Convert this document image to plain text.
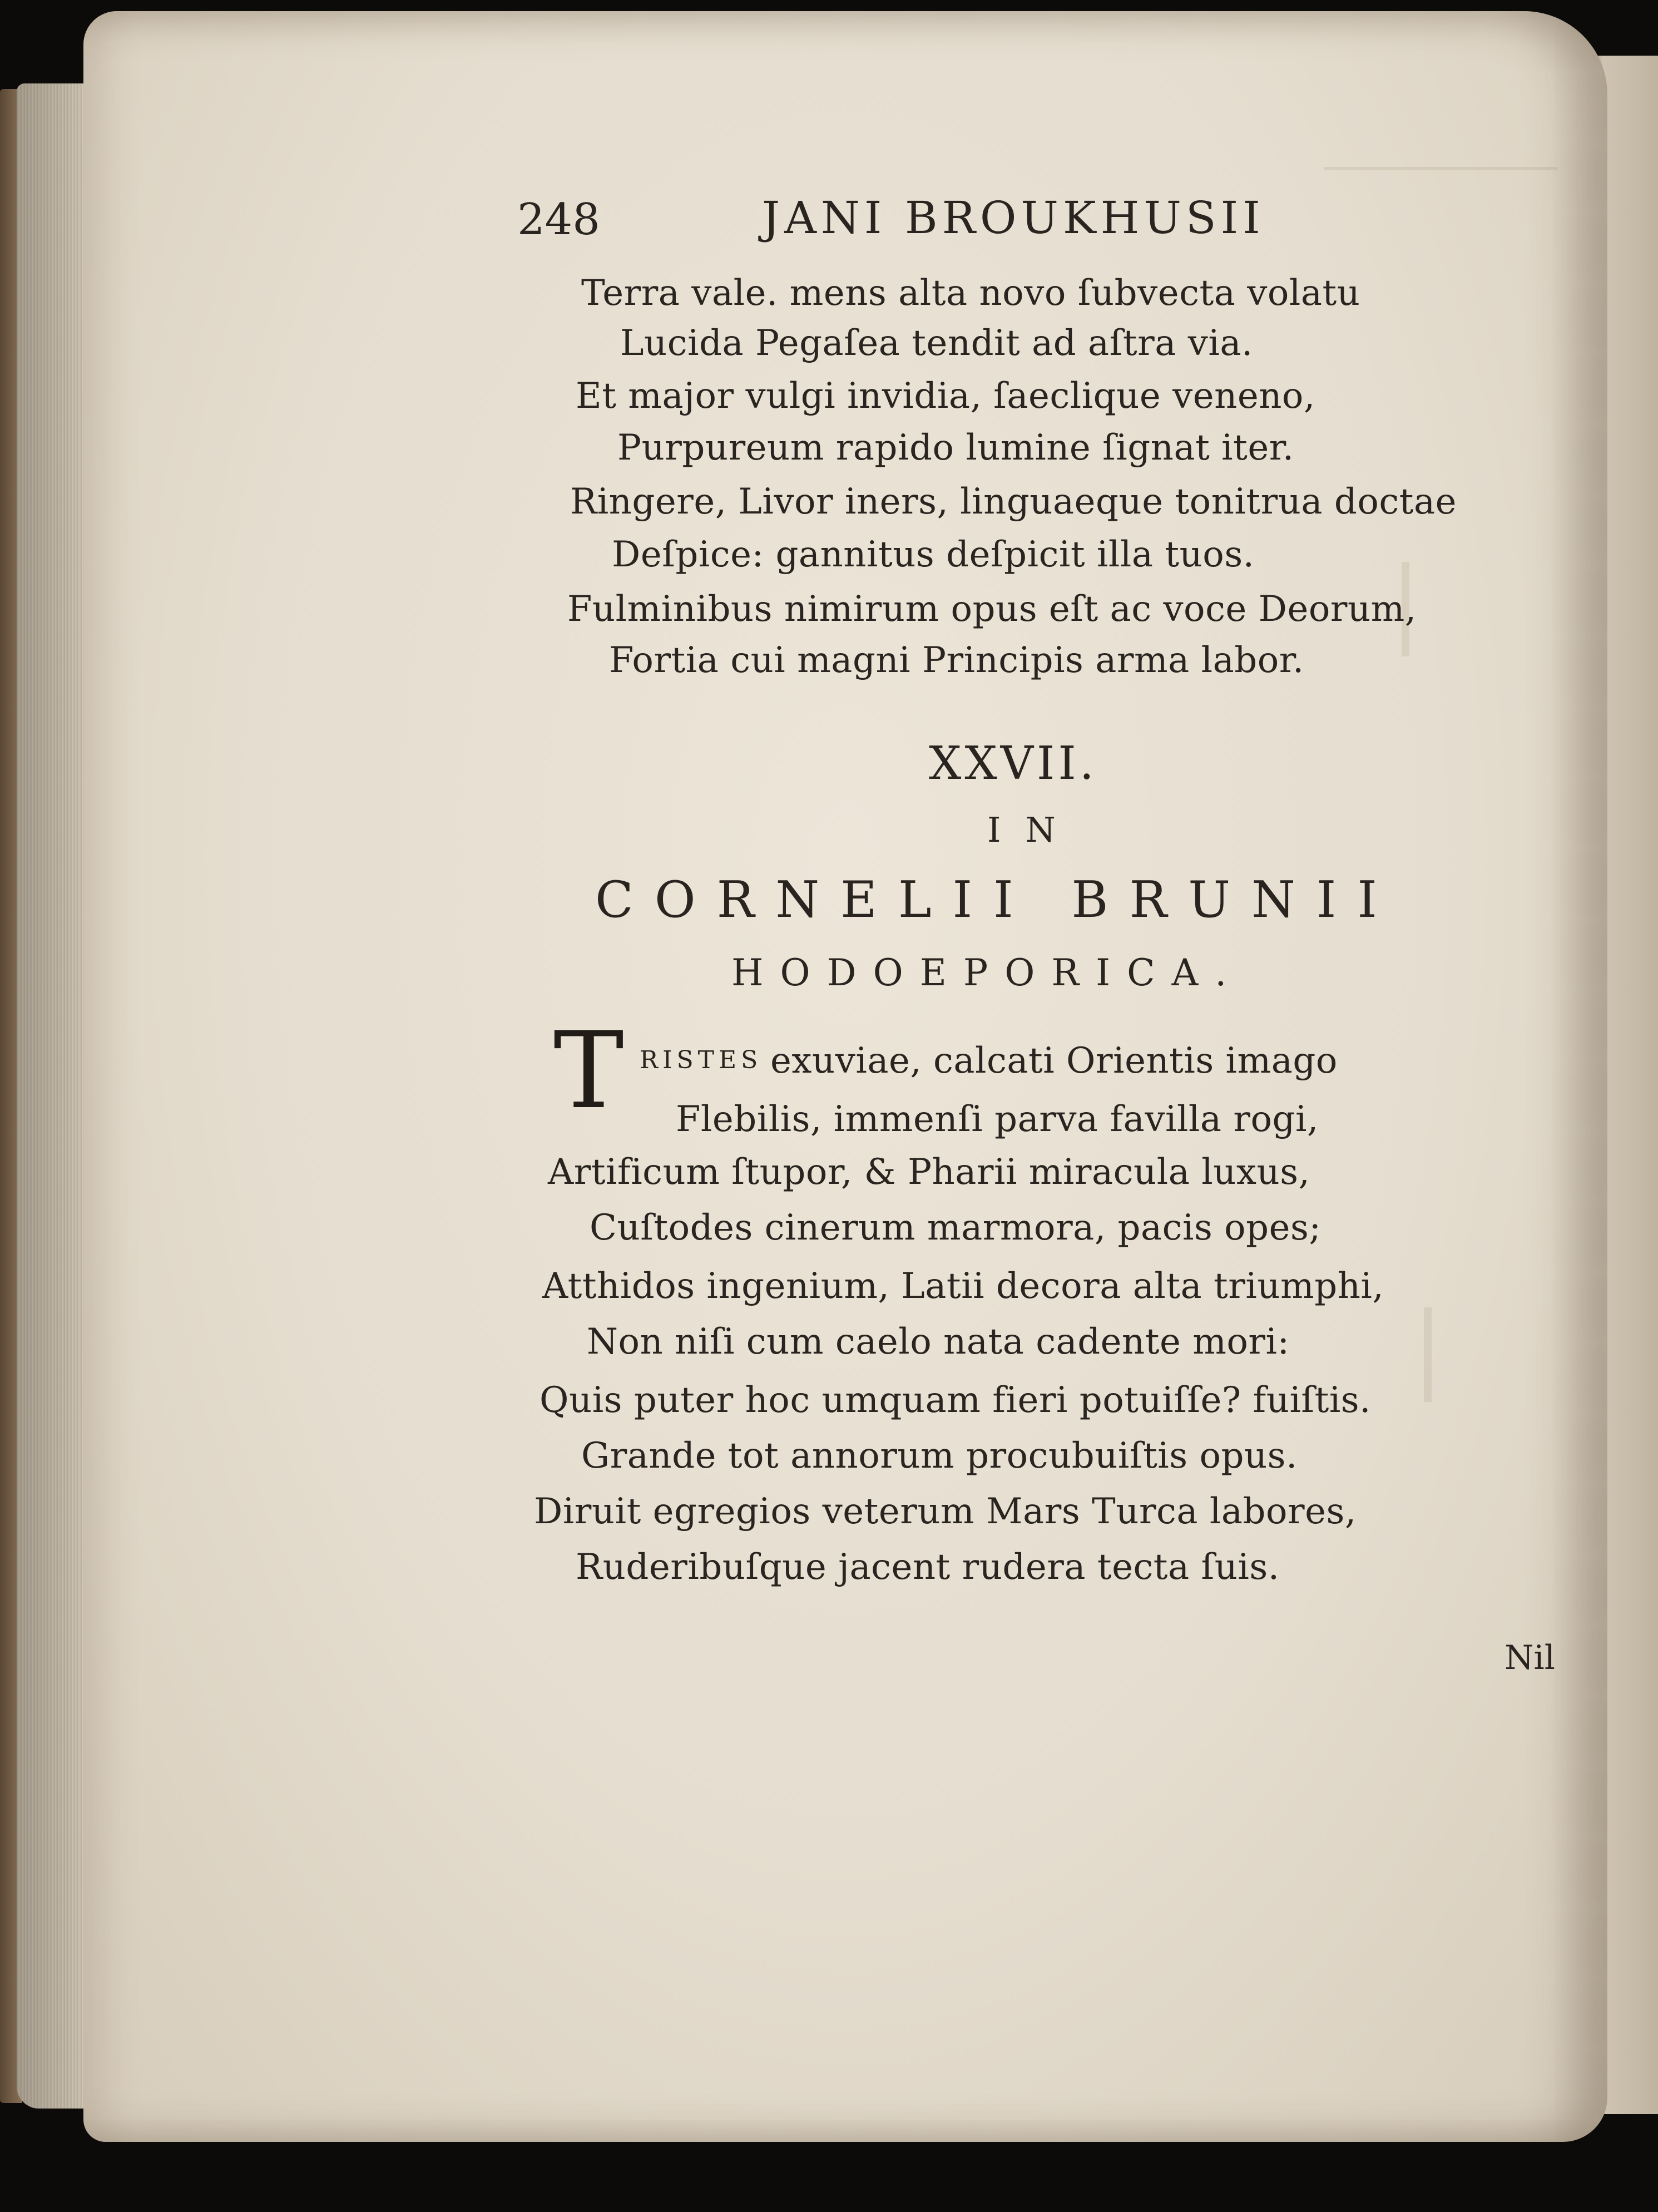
248	JANI BROUKHUSII
Terra vale. mens alta novo ſubvecta volatu
Lucida Pegaſea tendit ad aſtra via.
Et major vulgi invidia, ſaeclique veneno,
Purpureum rapido lumine ſignat iter.
Ringere, Livor iners, linguaeque tonitrua doctae
Deſpice: gannitus deſpicit illa tuos.
Fulminibus nimirum opus eſt ac voce Deorum,
Fortia cui magni Principis arma labor.
XXVII.
IN
CORNELII BRUNII
HODOEPORICA.
T RISTES exuviae, calcati Orientis imago
Flebilis, immenſi parva favilla rogi,
Artificum ſtupor, & Pharii miracula luxus,
Cuſtodes cinerum marmora, pacis opes;
Atthidos ingenium, Latii decora alta triumphi,
Non niſi cum caelo nata cadente mori:
Quis puter hoc umquam fieri potuiſſe? fuiſtis.
Grande tot annorum procubuiſtis opus.
Diruit egregios veterum Mars Turca labores,
Ruderibuſque jacent rudera tecta ſuis.
Nil
